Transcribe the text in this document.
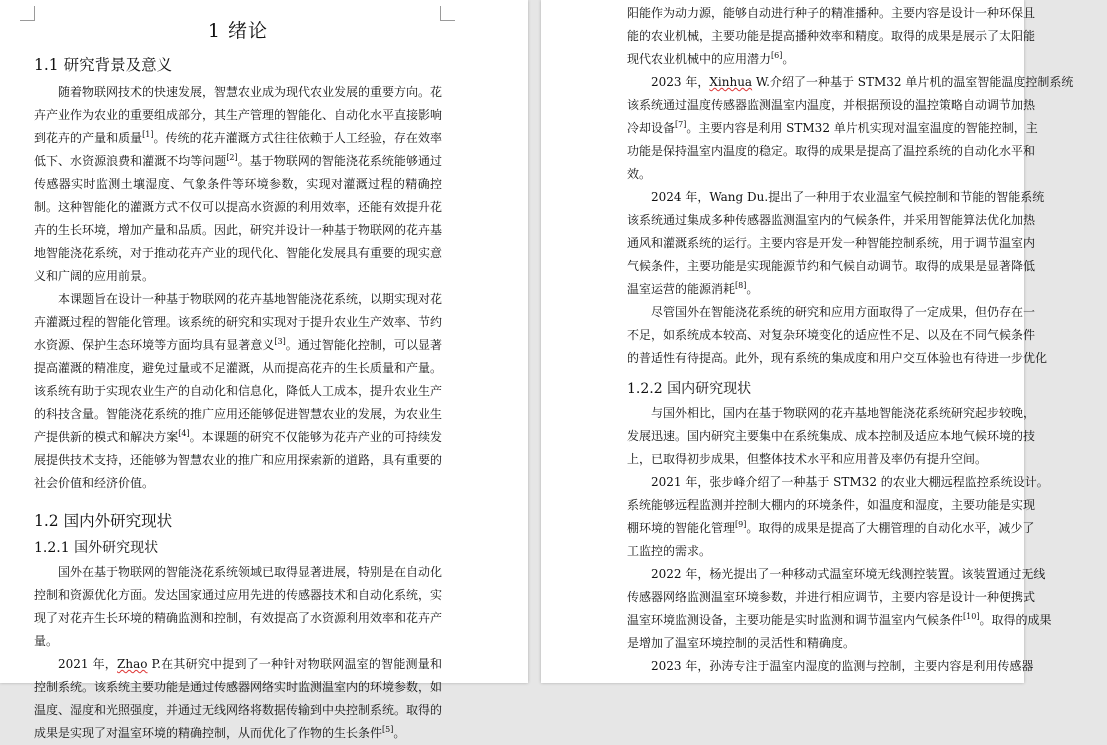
1 绪论
1.1 研究背景及意义

随着物联网技术的快速发展，智慧农业成为现代农业发展的重要方向。花卉产业作为农业的重要组成部分，其生产管理的智能化、自动化水平直接影响到花卉的产量和质量[1]。传统的花卉灌溉方式往往依赖于人工经验，存在效率低下、水资源浪费和灌溉不均等问题[2]。基于物联网的智能浇花系统能够通过传感器实时监测土壤湿度、气象条件等环境参数，实现对灌溉过程的精确控制。这种智能化的灌溉方式不仅可以提高水资源的利用效率，还能有效提升花卉的生长环境，增加产量和品质。因此，研究并设计一种基于物联网的花卉基地智能浇花系统，对于推动花卉产业的现代化、智能化发展具有重要的现实意义和广阔的应用前景。

本课题旨在设计一种基于物联网的花卉基地智能浇花系统，以期实现对花卉灌溉过程的智能化管理。该系统的研究和实现对于提升农业生产效率、节约水资源、保护生态环境等方面均具有显著意义[3]。通过智能化控制，可以显著提高灌溉的精准度，避免过量或不足灌溉，从而提高花卉的生长质量和产量。该系统有助于实现农业生产的自动化和信息化，降低人工成本，提升农业生产的科技含量。智能浇花系统的推广应用还能够促进智慧农业的发展，为农业生产提供新的模式和解决方案[4]。本课题的研究不仅能够为花卉产业的可持续发展提供技术支持，还能够为智慧农业的推广和应用探索新的道路，具有重要的社会价值和经济价值。

1.2 国内外研究现状
1.2.1 国外研究现状

国外在基于物联网的智能浇花系统领域已取得显著进展，特别是在自动化控制和资源优化方面。发达国家通过应用先进的传感器技术和自动化系统，实现了对花卉生长环境的精确监测和控制，有效提高了水资源利用效率和花卉产量。

2021 年，Zhao P.在其研究中提到了一种针对物联网温室的智能测量和控制系统。该系统主要功能是通过传感器网络实时监测温室内的环境参数，如温度、湿度和光照强度，并通过无线网络将数据传输到中央控制系统。取得的成果是实现了对温室环境的精确控制，从而优化了作物的生长条件[5]。

阳能作为动力源，能够自动进行种子的精准播种。主要内容是设计一种环保且

能的农业机械，主要功能是提高播种效率和精度。取得的成果是展示了太阳能

现代农业机械中的应用潜力[6]。

2023 年，Xinhua W.介绍了一种基于 STM32 单片机的温室智能温度控制系统

该系统通过温度传感器监测温室内温度，并根据预设的温控策略自动调节加热

冷却设备[7]。主要内容是利用 STM32 单片机实现对温室温度的智能控制，主

功能是保持温室内温度的稳定。取得的成果是提高了温控系统的自动化水平和

效。

2024 年，Wang Du.提出了一种用于农业温室气候控制和节能的智能系统

该系统通过集成多种传感器监测温室内的气候条件，并采用智能算法优化加热

通风和灌溉系统的运行。主要内容是开发一种智能控制系统，用于调节温室内

气候条件，主要功能是实现能源节约和气候自动调节。取得的成果是显著降低

温室运营的能源消耗[8]。

尽管国外在智能浇花系统的研究和应用方面取得了一定成果，但仍存在一

不足，如系统成本较高、对复杂环境变化的适应性不足、以及在不同气候条件

的普适性有待提高。此外，现有系统的集成度和用户交互体验也有待进一步优化

1.2.2 国内研究现状

与国外相比，国内在基于物联网的花卉基地智能浇花系统研究起步较晚，

发展迅速。国内研究主要集中在系统集成、成本控制及适应本地气候环境的技

上，已取得初步成果，但整体技术水平和应用普及率仍有提升空间。

2021 年，张步峰介绍了一种基于 STM32 的农业大棚远程监控系统设计。

系统能够远程监测并控制大棚内的环境条件，如温度和湿度，主要功能是实现

棚环境的智能化管理[9]。取得的成果是提高了大棚管理的自动化水平，减少了

工监控的需求。

2022 年，杨光提出了一种移动式温室环境无线测控装置。该装置通过无线

传感器网络监测温室环境参数，并进行相应调节，主要内容是设计一种便携式

温室环境监测设备，主要功能是实时监测和调节温室内气候条件[10]。取得的成果

是增加了温室环境控制的灵活性和精确度。

2023 年，孙涛专注于温室内湿度的监测与控制，主要内容是利用传感器
